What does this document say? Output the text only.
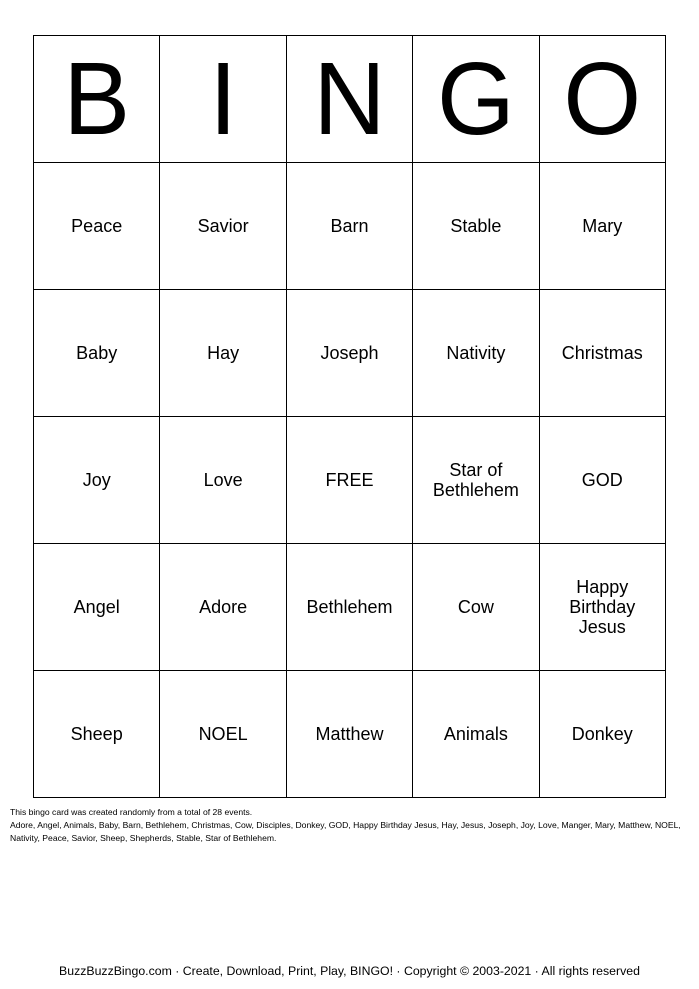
B	I	N	G	O
Peace	Savior	Barn	Stable	Mary
Baby	Hay	Joseph	Nativity	Christmas
Joy	Love	FREE	Star of Bethlehem	GOD
Angel	Adore	Bethlehem	Cow	Happy Birthday Jesus
Sheep	NOEL	Matthew	Animals	Donkey

This bingo card was created randomly from a total of 28 events.

Adore, Angel, Animals, Baby, Barn, Bethlehem, Christmas, Cow, Disciples, Donkey, GOD, Happy Birthday Jesus, Hay, Jesus, Joseph, Joy, Love, Manger, Mary, Matthew, NOEL, Nativity, Peace, Savior, Sheep, Shepherds, Stable, Star of Bethlehem.

BuzzBuzzBingo.com · Create, Download, Print, Play, BINGO! · Copyright © 2003-2021 · All rights reserved
